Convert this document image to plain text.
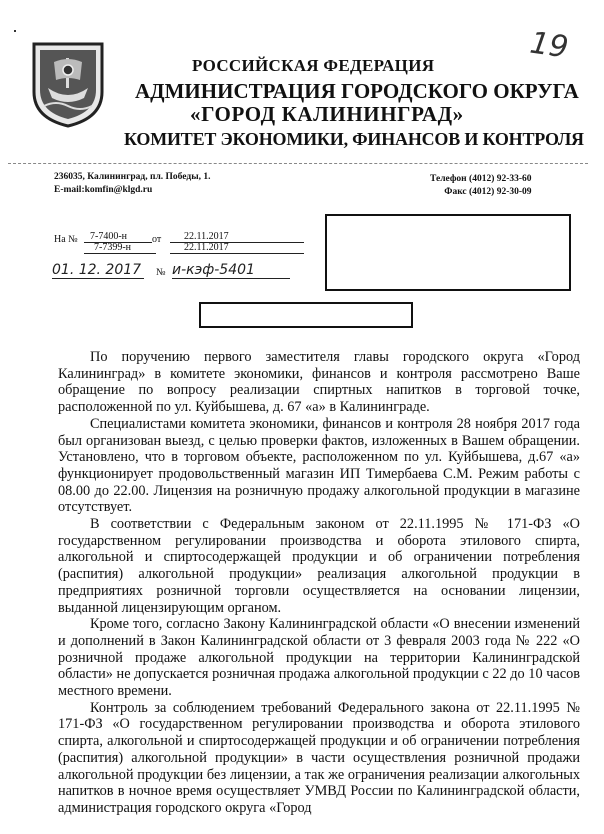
19
РОССИЙСКАЯ ФЕДЕРАЦИЯ
АДМИНИСТРАЦИЯ ГОРОДСКОГО ОКРУГА
«ГОРОД КАЛИНИНГРАД»
КОМИТЕТ ЭКОНОМИКИ, ФИНАНСОВ И КОНТРОЛЯ
236035, Калининград, пл. Победы, 1.
E-mail:komfin@klgd.ru
Телефон (4012) 92-33-60
Факс (4012) 92-30-09
На №	7-7400-н
7-7399-н
от	22.11.2017
22.11.2017
01. 12. 2017 № и-кэф-5401

По поручению первого заместителя главы городского округа «Город Калининград» в комитете экономики, финансов и контроля рассмотрено Ваше обращение по вопросу реализации спиртных напитков в торговой точке, расположенной по ул. Куйбышева, д. 67 «а» в Калининграде.

Специалистами комитета экономики, финансов и контроля 28 ноября 2017 года был организован выезд, с целью проверки фактов, изложенных в Вашем обращении. Установлено, что в торговом объекте, расположенном по ул. Куйбышева, д.67 «а» функционирует продовольственный магазин ИП Тимербаева С.М. Режим работы с 08.00 до 22.00. Лицензия на розничную продажу алкогольной продукции в магазине отсутствует.

В соответствии с Федеральным законом от 22.11.1995 № 171-ФЗ «О государственном регулировании производства и оборота этилового спирта, алкогольной и спиртосодержащей продукции и об ограничении потребления (распития) алкогольной продукции» реализация алкогольной продукции в предприятиях розничной торговли осуществляется на основании лицензии, выданной лицензирующим органом.

Кроме того, согласно Закону Калининградской области «О внесении изменений и дополнений в Закон Калининградской области от 3 февраля 2003 года № 222 «О розничной продаже алкогольной продукции на территории Калининградской области» не допускается розничная продажа алкогольной продукции с 22 до 10 часов местного времени.

Контроль за соблюдением требований Федерального закона от 22.11.1995 № 171-ФЗ «О государственном регулировании производства и оборота этилового спирта, алкогольной и спиртосодержащей продукции и об ограничении потребления (распития) алкогольной продукции» в части осуществления розничной продажи алкогольной продукции без лицензии, а так же ограничения реализации алкогольных напитков в ночное время осуществляет УМВД России по Калининградской области, администрация городского округа «Город
